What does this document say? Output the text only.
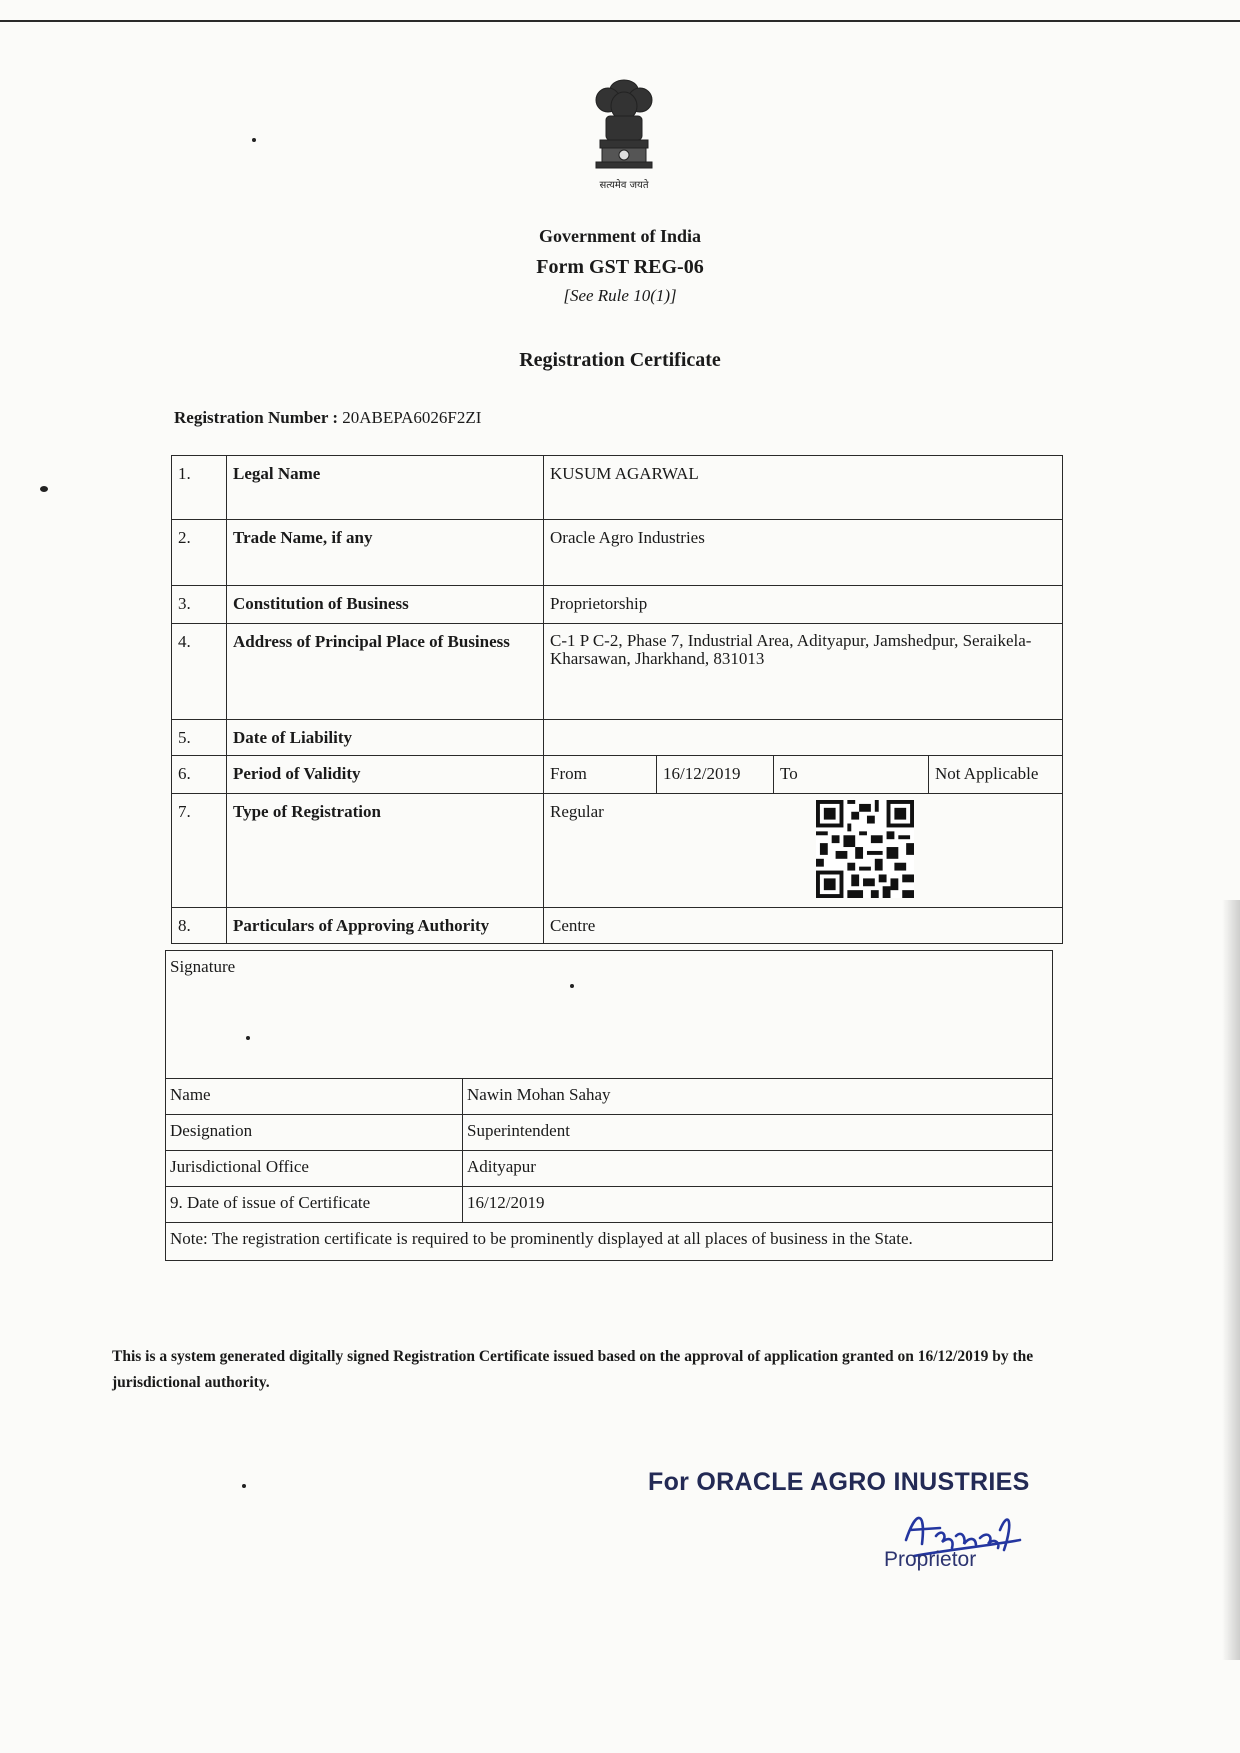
सत्यमेव जयते
Government of India
Form GST REG-06
[See Rule 10(1)]
Registration Certificate
Registration Number : 20ABEPA6026F2ZI
1.	Legal Name	KUSUM AGARWAL			
2.	Trade Name, if any	Oracle Agro Industries			
3.	Constitution of Business	Proprietorship			
4.	Address of Principal Place of Business	C-1 P C-2, Phase 7, Industrial Area, Adityapur, Jamshedpur, Seraikela-Kharsawan, Jharkhand, 831013			
5.	Date of Liability				
6.	Period of Validity	From	16/12/2019	To	Not Applicable
7.	Type of Registration	Regular			

8.	Particulars of Approving Authority	Centre			
Signature	
Name	Nawin Mohan Sahay
Designation	Superintendent
Jurisdictional Office	Adityapur
9. Date of issue of Certificate	16/12/2019
Note: The registration certificate is required to be prominently displayed at all places of business in the State.	
This is a system generated digitally signed Registration Certificate issued based on the approval of application granted on 16/12/2019 by the jurisdictional authority.
For ORACLE AGRO INUSTRIES
Proprietor
